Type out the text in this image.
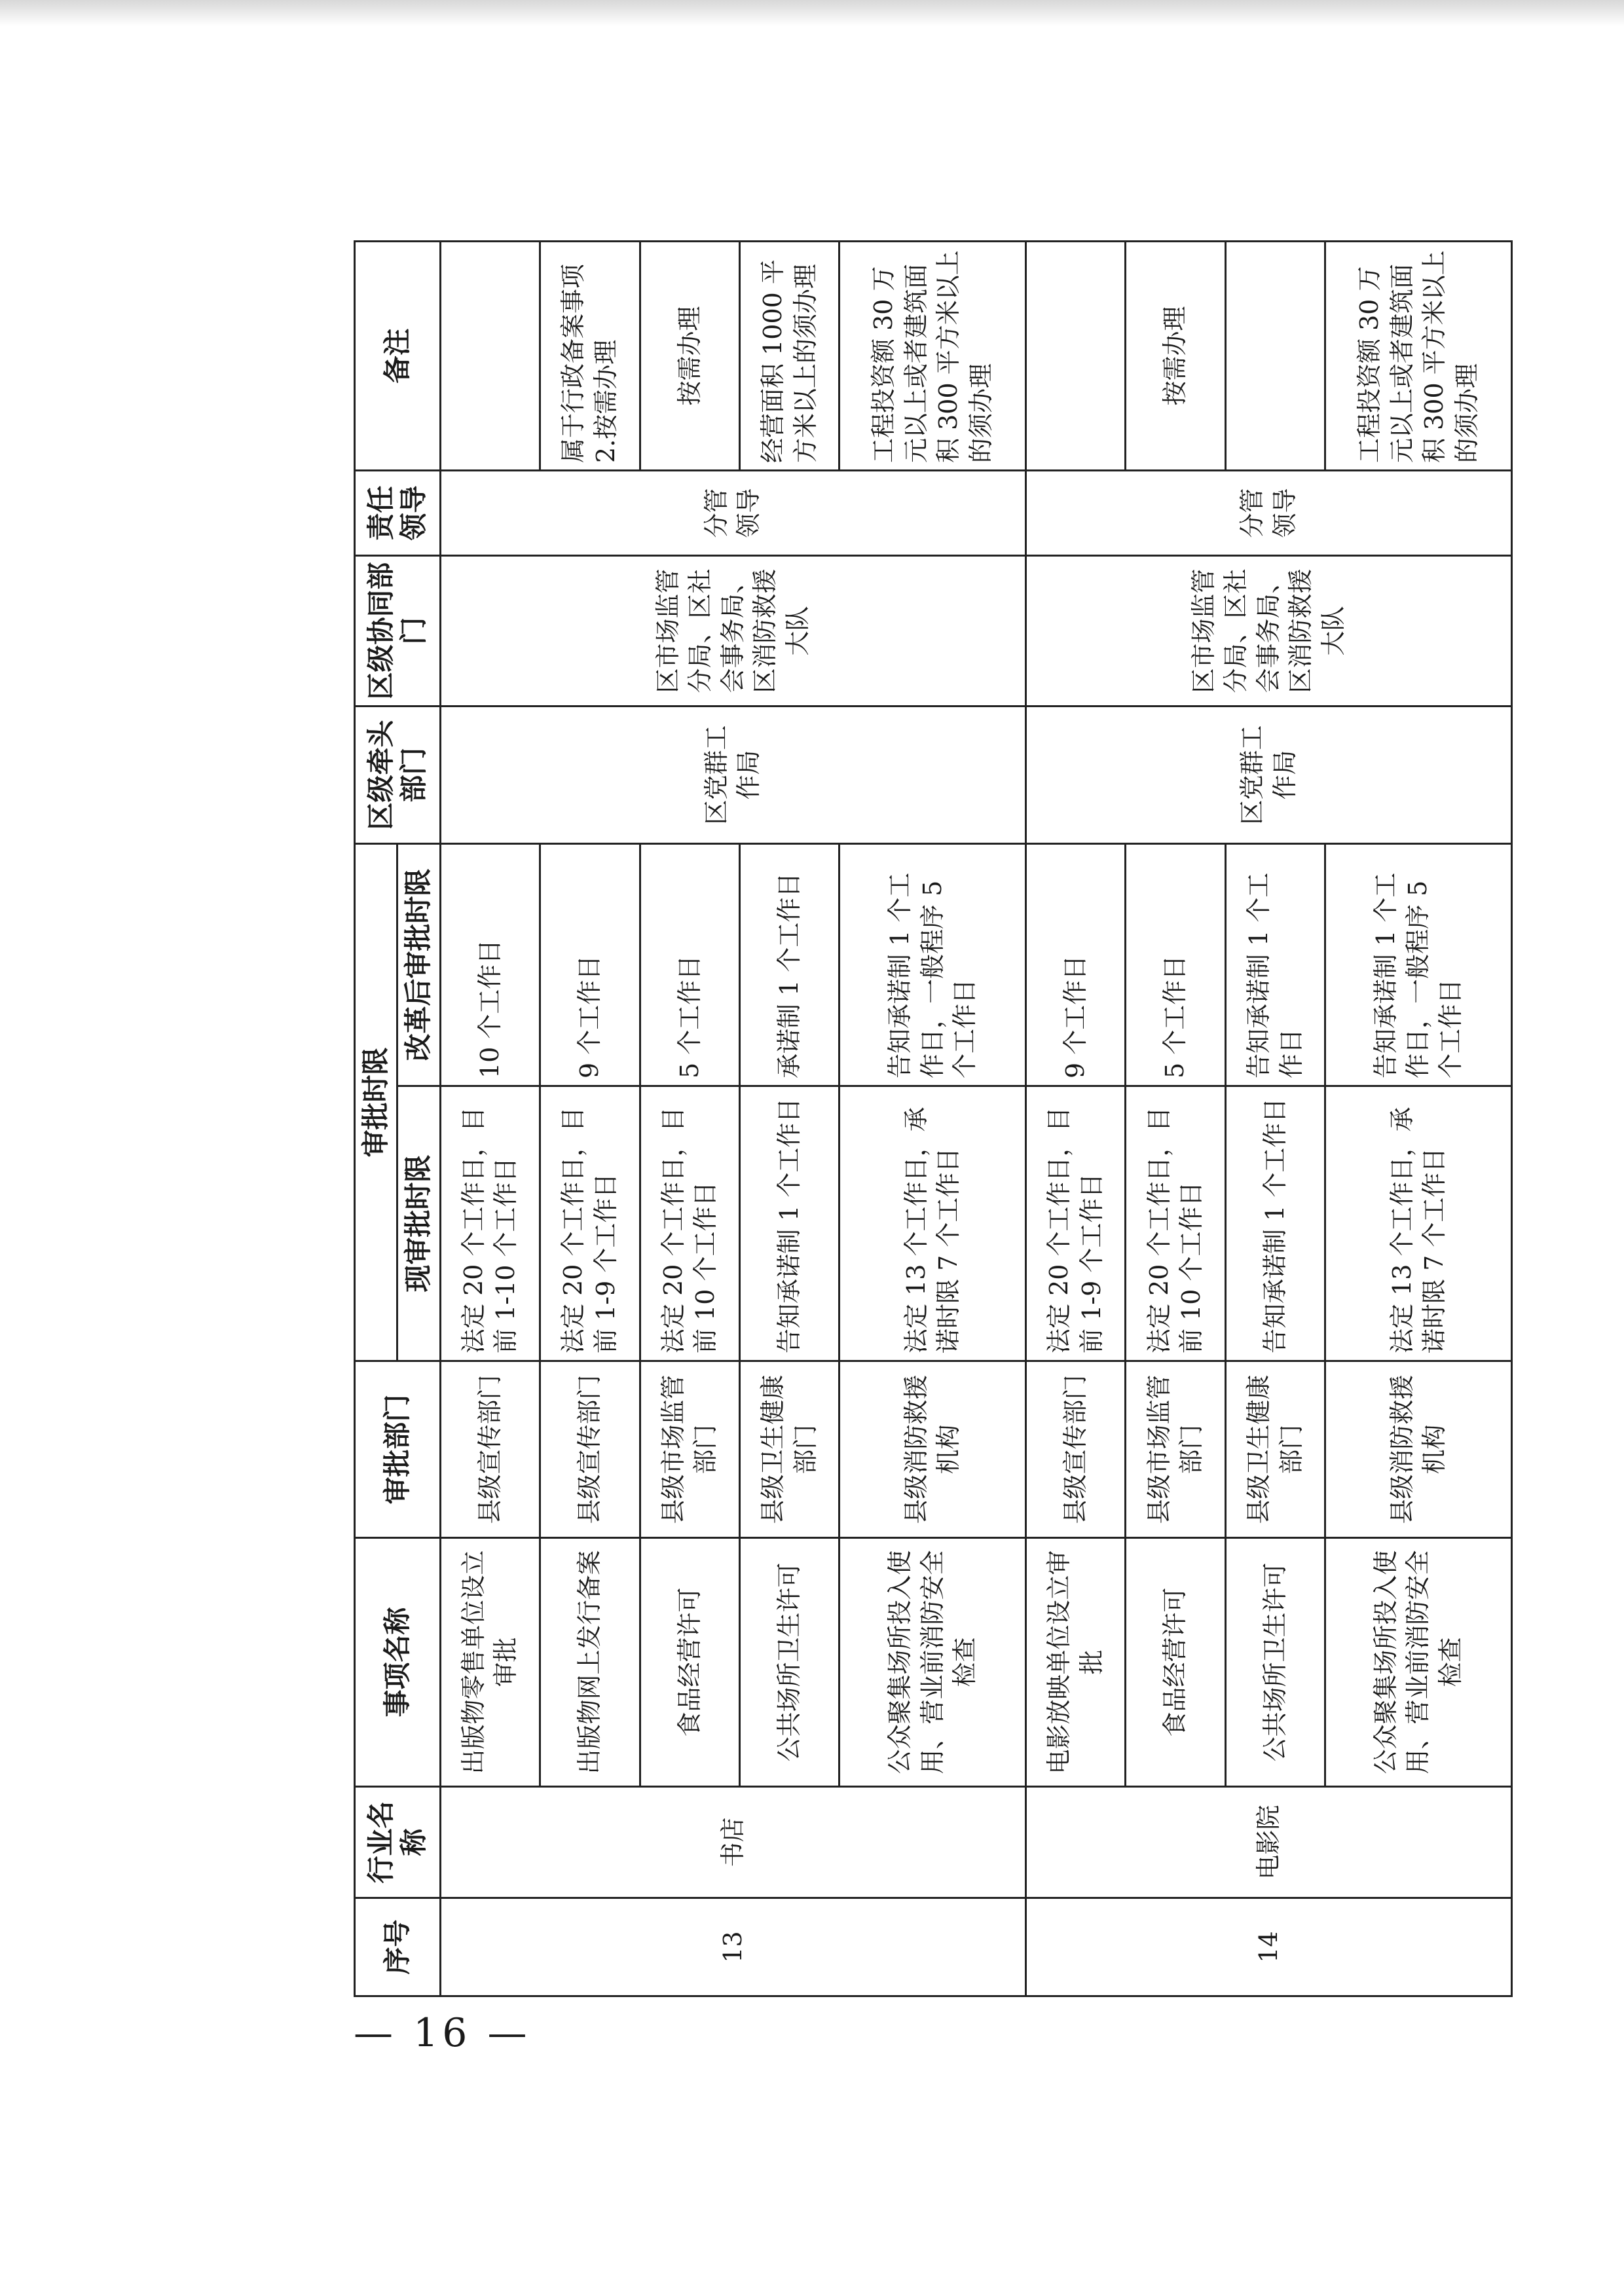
序号	行业名称	事项名称	审批部门	审批时限		区级牵头部门	区级协同部门	责任领导	备注
				现审批时限	改革后审批时限				
13	书店	出版物零售单位设立审批	县级宣传部门	法定 20 个工作日，目前 1-10 个工作日	10 个工作日	区党群工作局	区市场监管分局、区社会事务局、区消防救援大队	分管领导	
		出版物网上发行备案	县级宣传部门	法定 20 个工作日，目前 1-9 个工作日	9 个工作日				属于行政备案事项 2.按需办理
		食品经营许可	县级市场监管部门	法定 20 个工作日，目前 10 个工作日	5 个工作日				按需办理
		公共场所卫生许可	县级卫生健康部门	告知承诺制 1 个工作日	承诺制 1 个工作日				经营面积 1000 平方米以上的须办理
		公众聚集场所投入使用、营业前消防安全检查	县级消防救援机构	法定 13 个工作日，承诺时限 7 个工作日	告知承诺制 1 个工作日，一般程序 5 个工作日				工程投资额 30 万元以上或者建筑面积 300 平方米以上的须办理
14	电影院	电影放映单位设立审批	县级宣传部门	法定 20 个工作日，目前 1-9 个工作日	9 个工作日	区党群工作局	区市场监管分局、区社会事务局、区消防救援大队	分管领导	
		食品经营许可	县级市场监管部门	法定 20 个工作日，目前 10 个工作日	5 个工作日				按需办理
		公共场所卫生许可	县级卫生健康部门	告知承诺制 1 个工作日	告知承诺制 1 个工作日				
		公众聚集场所投入使用、营业前消防安全检查	县级消防救援机构	法定 13 个工作日，承诺时限 7 个工作日	告知承诺制 1 个工作日，一般程序 5 个工作日				工程投资额 30 万元以上或者建筑面积 300 平方米以上的须办理
— 16 —
